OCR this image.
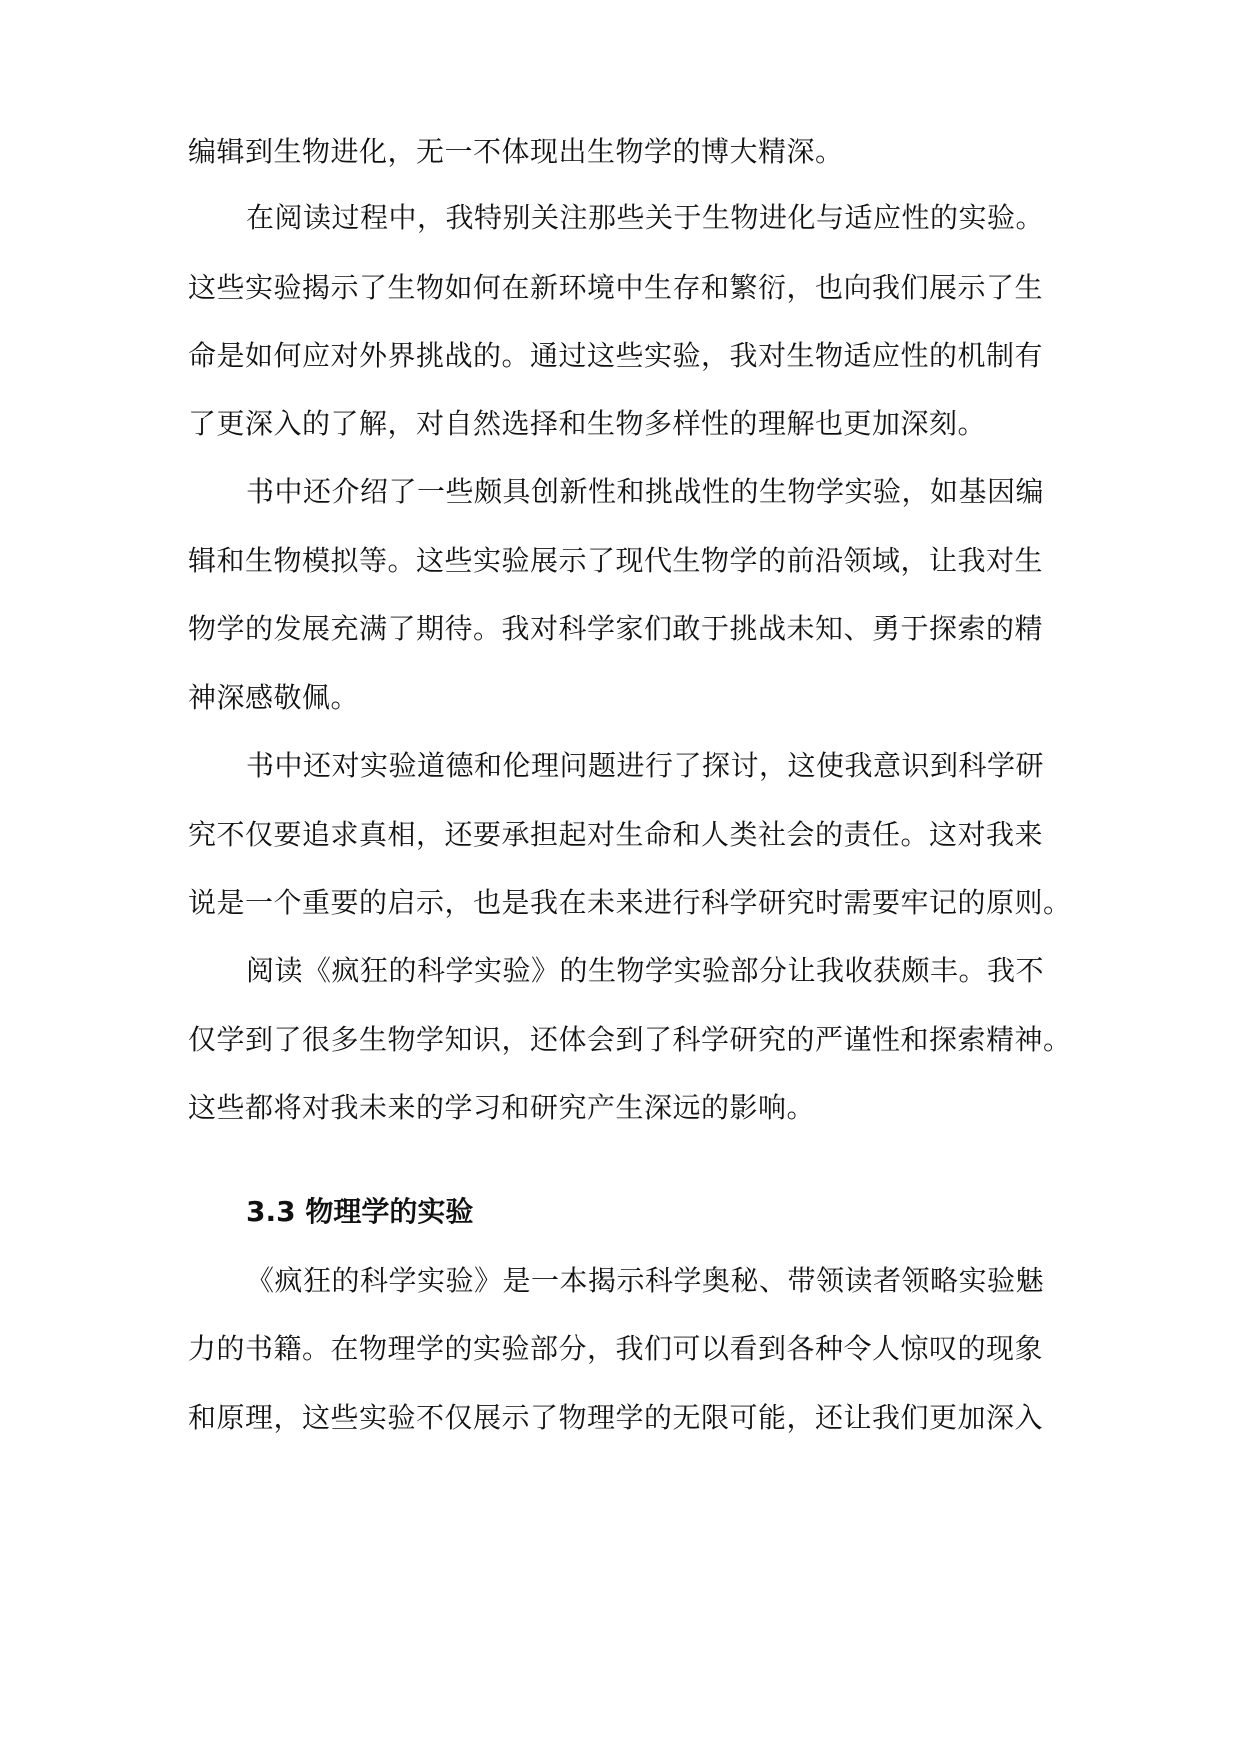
编辑到生物进化，无一不体现出生物学的博大精深。
在阅读过程中，我特别关注那些关于生物进化与适应性的实验。
这些实验揭示了生物如何在新环境中生存和繁衍，也向我们展示了生
命是如何应对外界挑战的。通过这些实验，我对生物适应性的机制有
了更深入的了解，对自然选择和生物多样性的理解也更加深刻。
书中还介绍了一些颇具创新性和挑战性的生物学实验，如基因编
辑和生物模拟等。这些实验展示了现代生物学的前沿领域，让我对生
物学的发展充满了期待。我对科学家们敢于挑战未知、勇于探索的精
神深感敬佩。
书中还对实验道德和伦理问题进行了探讨，这使我意识到科学研
究不仅要追求真相，还要承担起对生命和人类社会的责任。这对我来
说是一个重要的启示，也是我在未来进行科学研究时需要牢记的原则。
阅读《疯狂的科学实验》的生物学实验部分让我收获颇丰。我不
仅学到了很多生物学知识，还体会到了科学研究的严谨性和探索精神。
这些都将对我未来的学习和研究产生深远的影响。
3.3 物理学的实验
《疯狂的科学实验》是一本揭示科学奥秘、带领读者领略实验魅
力的书籍。在物理学的实验部分，我们可以看到各种令人惊叹的现象
和原理，这些实验不仅展示了物理学的无限可能，还让我们更加深入
